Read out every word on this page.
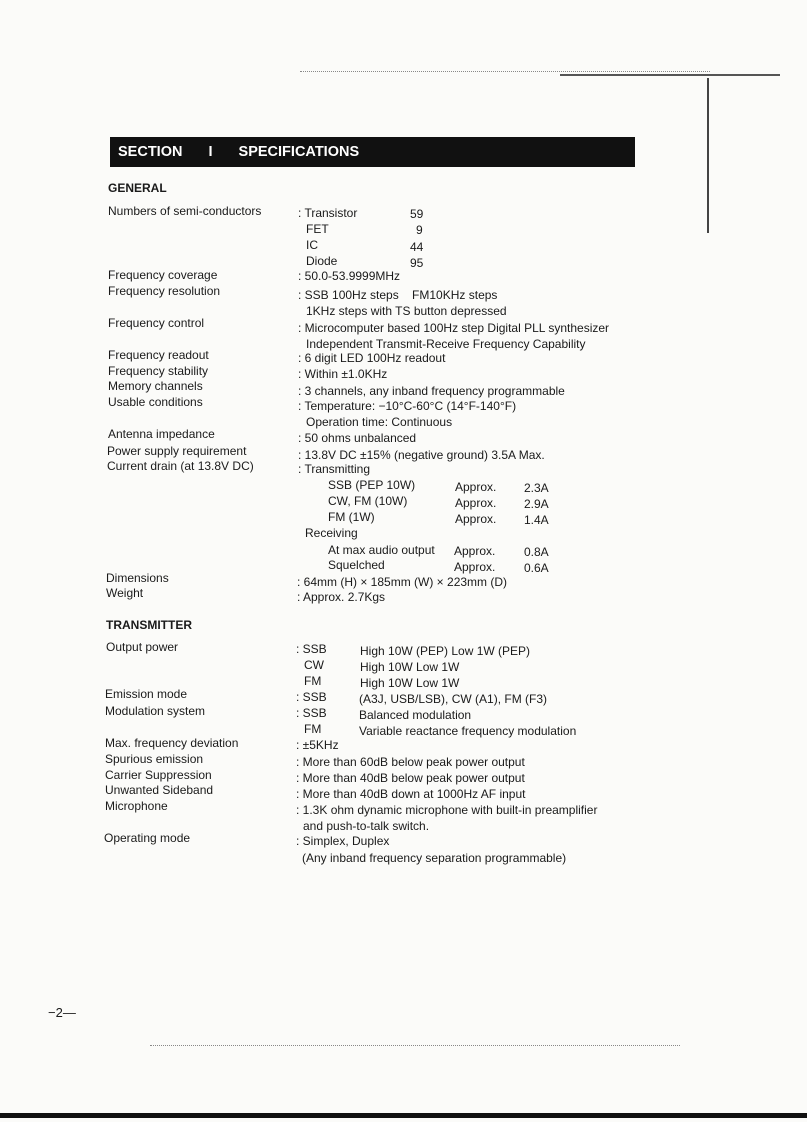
SECTION I SPECIFICATIONS
GENERAL
Numbers of semi-conductors	: Transistor	59
FET	9
IC	44
Diode	95
Frequency coverage	: 50.0-53.9999MHz
Frequency resolution	: SSB 100Hz steps    FM10KHz steps
1KHz steps with TS button depressed
Frequency control	: Microcomputer based 100Hz step Digital PLL synthesizer
Independent Transmit-Receive Frequency Capability
Frequency readout	: 6 digit LED 100Hz readout
Frequency stability	: Within ±1.0KHz
Memory channels	: 3 channels, any inband frequency programmable
Usable conditions	: Temperature: −10°C-60°C (14°F-140°F)
Operation time: Continuous
Antenna impedance	: 50 ohms unbalanced
Power supply requirement	: 13.8V DC ±15% (negative ground) 3.5A Max.
Current drain (at 13.8V DC)	: Transmitting
SSB (PEP 10W)	Approx. 2.3A
CW, FM (10W)	Approx. 2.9A
FM (1W)	Approx. 1.4A
Receiving
At max audio output Approx. 0.8A
Squelched	Approx. 0.6A
Dimensions	: 64mm (H) × 185mm (W) × 223mm (D)
Weight	: Approx. 2.7Kgs
TRANSMITTER
Output power	: SSB	High 10W (PEP) Low 1W (PEP)
CW	High 10W Low 1W
FM	High 10W Low 1W
Emission mode	: SSB	(A3J, USB/LSB), CW (A1), FM (F3)
Modulation system	: SSB	Balanced modulation
FM	Variable reactance frequency modulation
Max. frequency deviation	: ±5KHz
Spurious emission	: More than 60dB below peak power output
Carrier Suppression	: More than 40dB below peak power output
Unwanted Sideband	: More than 40dB down at 1000Hz AF input
Microphone	: 1.3K ohm dynamic microphone with built-in preamplifier
and push-to-talk switch.
Operating mode	: Simplex, Duplex
(Any inband frequency separation programmable)
−2—
